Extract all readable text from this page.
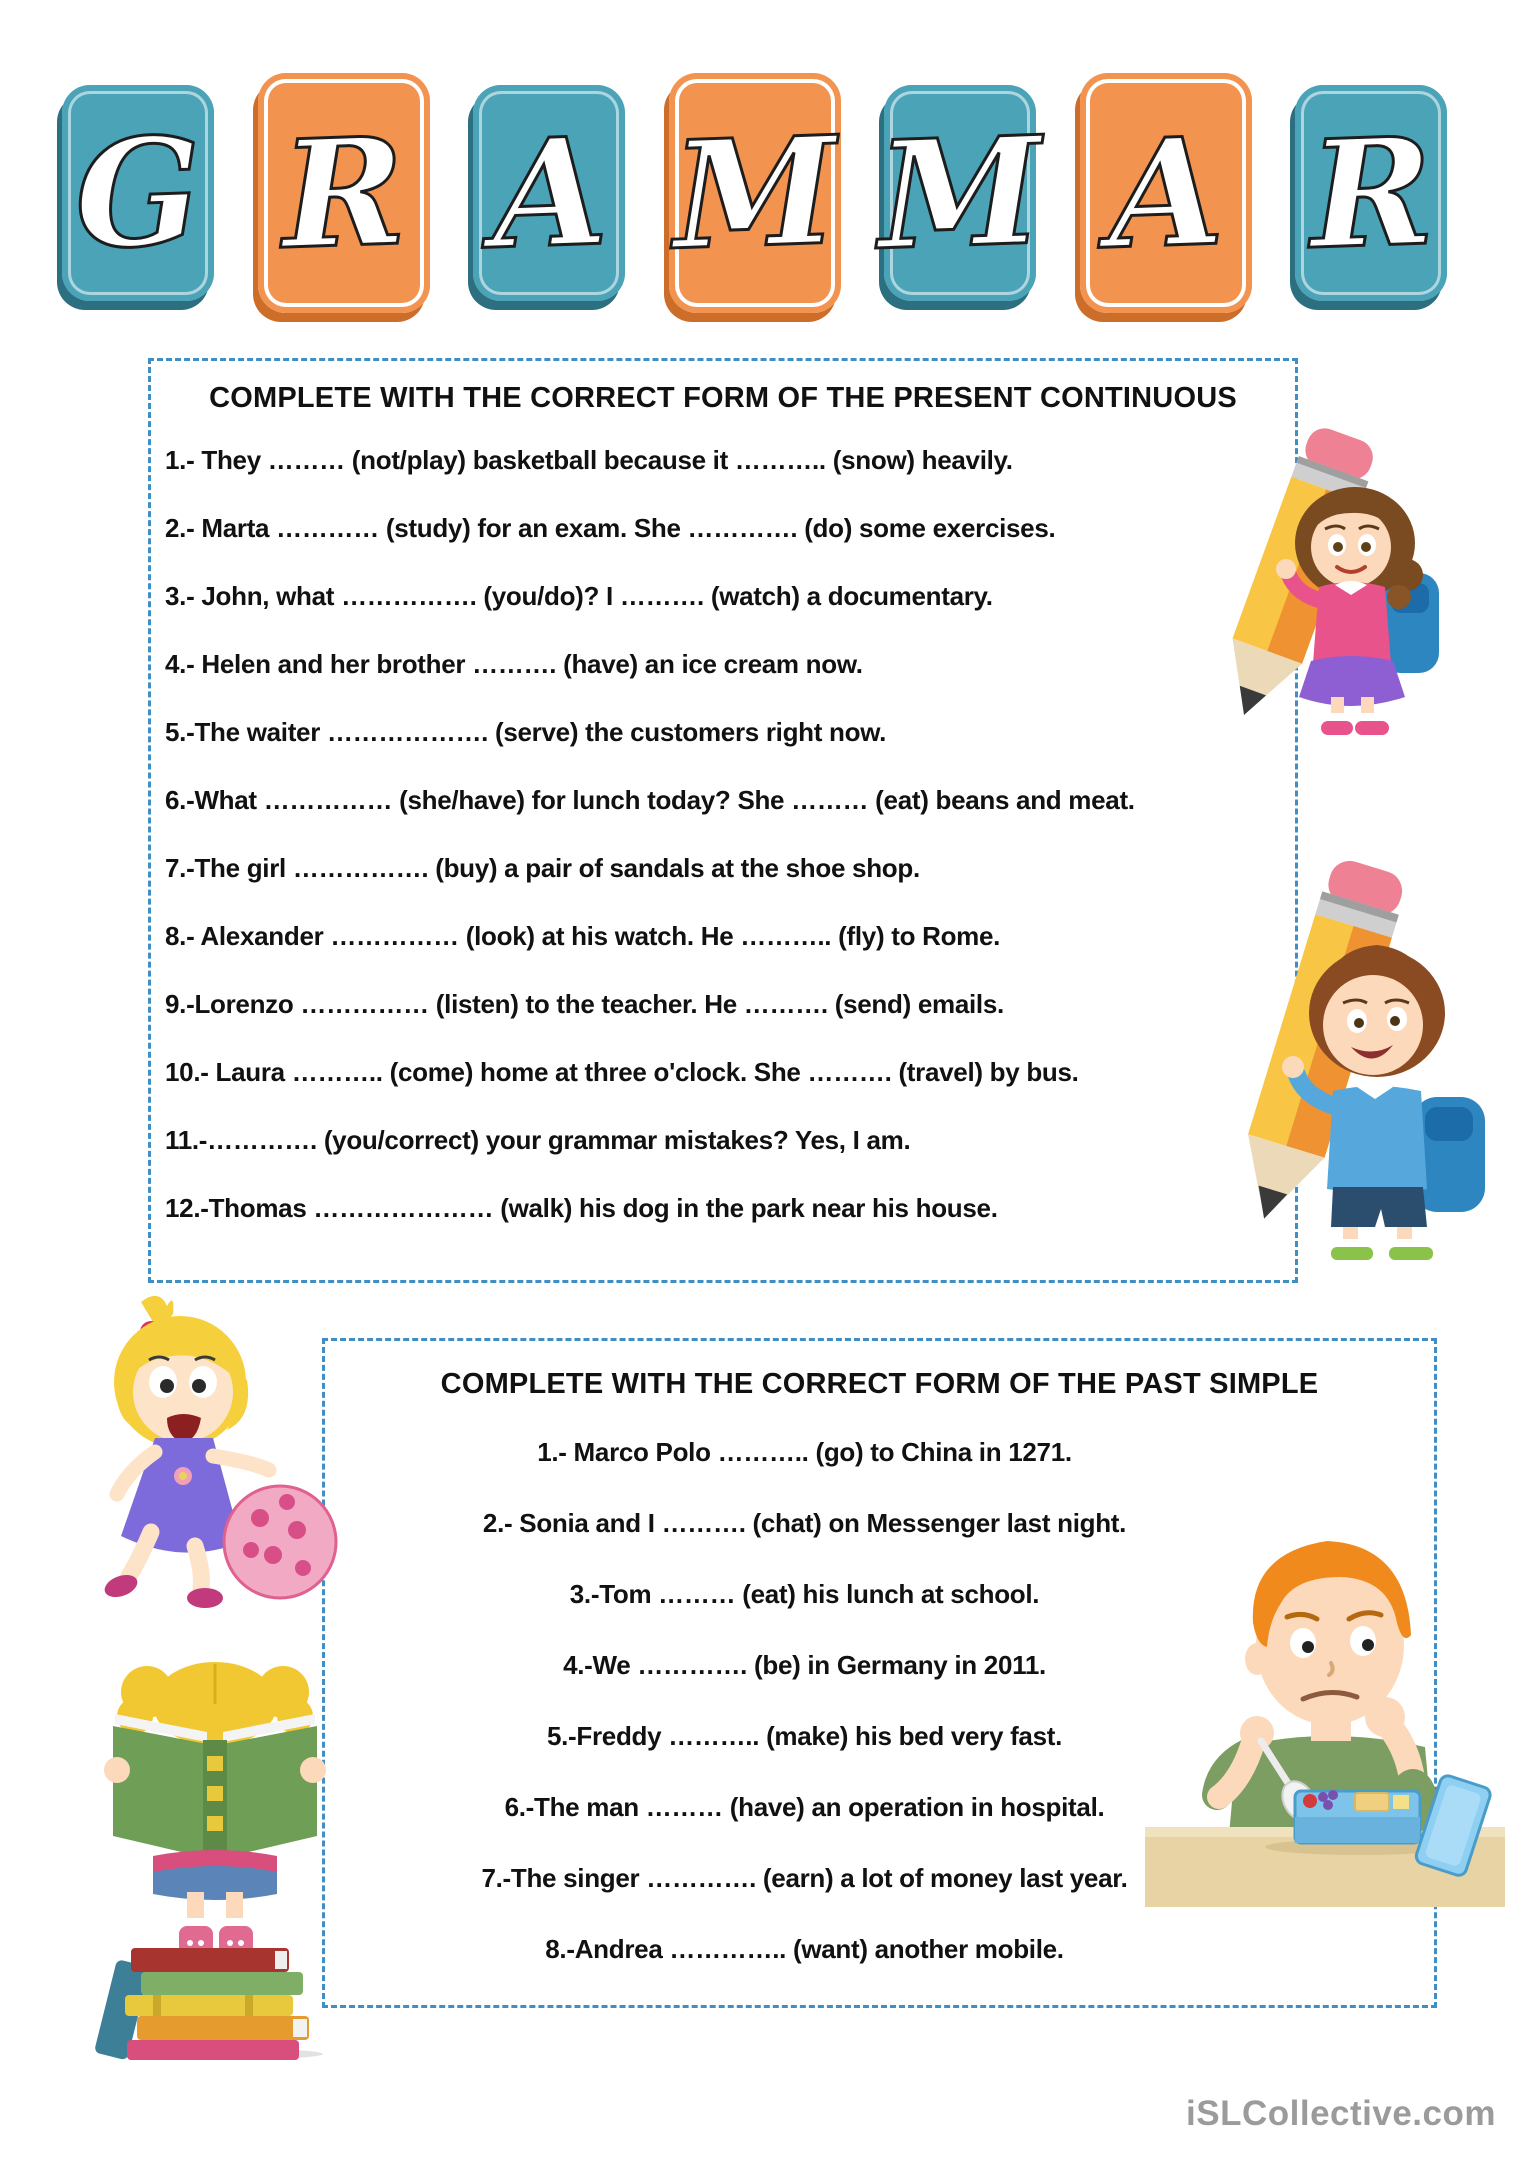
G R A M M A R
COMPLETE WITH THE CORRECT FORM OF THE PRESENT CONTINUOUS
1.- They ……… (not/play) basketball because it ……….. (snow) heavily.
2.- Marta ………… (study) for an exam. She …………. (do) some exercises.
3.- John, what ……………. (you/do)? I ………. (watch) a documentary.
4.- Helen and her brother ………. (have) an ice cream now.
5.-The waiter ………………. (serve) the customers right now.
6.-What …………… (she/have) for lunch today? She ……… (eat) beans and meat.
7.-The girl ……………. (buy) a pair of sandals at the shoe shop.
8.- Alexander …………… (look) at his watch. He ……….. (fly) to Rome.
9.-Lorenzo …………… (listen) to the teacher. He ………. (send) emails.
10.- Laura ……….. (come) home at three o'clock. She ………. (travel) by bus.
11.-…………. (you/correct) your grammar mistakes? Yes, I am.
12.-Thomas ………………… (walk) his dog in the park near his house.
COMPLETE WITH THE CORRECT FORM OF THE PAST SIMPLE
1.- Marco Polo ……….. (go) to China in 1271.
2.- Sonia and I ………. (chat) on Messenger last night.
3.-Tom ……… (eat) his lunch at school.
4.-We …………. (be) in Germany in 2011.
5.-Freddy ……….. (make) his bed very fast.
6.-The man ……… (have) an operation in hospital.
7.-The singer …………. (earn) a lot of money last year.
8.-Andrea ………….. (want) another mobile.
iSLCollective.com
